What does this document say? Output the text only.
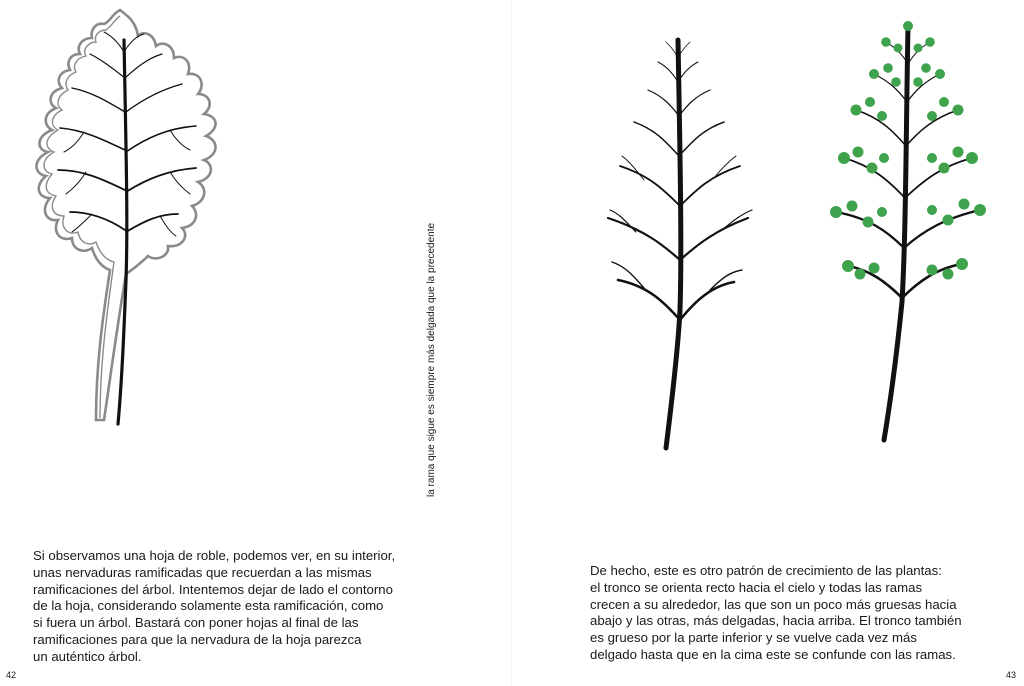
la rama que sigue es siempre más delgada que la precedente
Si observamos una hoja de roble, podemos ver, en su interior,
unas nervaduras ramificadas que recuerdan a las mismas
ramificaciones del árbol. Intentemos dejar de lado el contorno
de la hoja, considerando solamente esta ramificación, como
si fuera un árbol. Bastará con poner hojas al final de las
ramificaciones para que la nervadura de la hoja parezca
un auténtico árbol.
42
De hecho, este es otro patrón de crecimiento de las plantas:
el tronco se orienta recto hacia el cielo y todas las ramas
crecen a su alrededor, las que son un poco más gruesas hacia
abajo y las otras, más delgadas, hacia arriba. El tronco también
es grueso por la parte inferior y se vuelve cada vez más
delgado hasta que en la cima este se confunde con las ramas.
43
